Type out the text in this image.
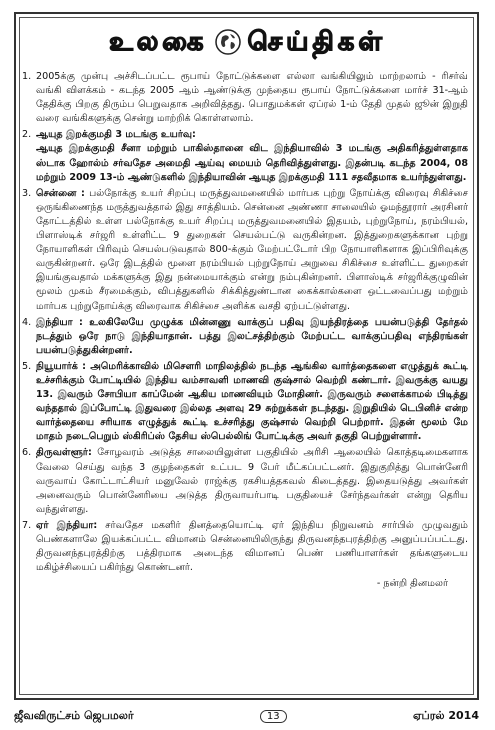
உலகை செய்திகள்
1. 2005க்கு முன்பு அச்சிடப்பட்ட ரூபாய் நோட்டுக்களை எல்லா வங்கியிலும் மாற்றலாம் - ரிசர்வ் வங்கி விளக்கம் - கடந்த 2005 ஆம் ஆண்டுக்கு முந்தைய ரூபாய் நோட்டுக்களை மார்ச் 31-ஆம் தேதிக்கு பிறகு திரும்ப பெறுவதாக அறிவித்தது. பொதுமக்கள் ஏப்ரல் 1-ம் தேதி முதல் ஜூன் இறுதி வரை வங்கிகளுக்கு சென்று மாற்றிக் கொள்ளலாம்.

2. ஆயுத இறக்குமதி 3 மடங்கு உயர்வு:

ஆயுத இறக்குமதி சீனா மற்றும் பாகிஸ்தானை விட இந்தியாவில் 3 மடங்கு அதிகரித்துள்ளதாக ஸ்டாக ஹோல்ம் சர்வதேச அமைதி ஆய்வு மையம் தெரிவித்துள்ளது. இதன்படி கடந்த 2004, 08 மற்றும் 2009 13-ம் ஆண்டுகளில் இந்தியாவின் ஆயுத இறக்குமதி 111 சதவீதமாக உயர்ந்துள்ளது.

3. சென்னை : பல்நோக்கு உயர் சிறப்பு மருத்துவமனையில் மார்பக புற்று நோய்க்கு விரைவு சிகிச்சை ஒருங்கிணைந்த மருத்துவத்தால் இது சாத்தியம். சென்னை அண்ணா சாலையில் ஓமந்தூரார் அரசினர் தோட்டத்தில் உள்ள பல்நோக்கு உயர் சிறப்பு மருத்துவமனையில் இதயம், புற்றுநோய், நரம்பியல், பிளாஸ்டிக் சர்ஜரி உள்ளிட்ட 9 துறைகள் செயல்பட்டு வருகின்றன. இத்துறைகளுக்கான புற்று நோயாளிகள் பிரிவும் செயல்படுவதால் 800-க்கும் மேற்பட்டோர் பிற நோயாளிகளாக இப்பிரிவுக்கு வருகின்றனர். ஒரே இடத்தில் மூளை நரம்பியல் புற்றுநோய் அறுவை சிகிச்சை உள்ளிட்ட துறைகள் இயங்குவதால் மக்களுக்கு இது நன்மையாக்கும் என்று நம்புகின்றனர். பிளாஸ்டிக் சர்ஜரிக்குழுவின் மூலம் முகம் சீரமைக்கும், விபத்துகளில் சிக்கித்துண்டான கைக்கால்களை ஒட்டவைப்பது மற்றும் மார்பக புற்றுநோய்க்கு விரைவாக சிகிச்சை அளிக்க வசதி ஏற்பட்டுள்ளது.

4. இந்தியா : உலகிலேயே முழுக்க மின்னணு வாக்குப் பதிவு இயந்திரத்தை பயன்படுத்தி தேர்தல் நடத்தும் ஒரே நாடு இந்தியாதான். பத்து இலட்சத்திற்கும் மேற்பட்ட வாக்குப்பதிவு எந்திரங்கள் பயன்படுத்துகின்றனர்.

5. நியூயார்க் : அமெரிக்காவில் மிசௌரி மாநிலத்தில் நடந்த ஆங்கில வார்த்தைகளை எழுத்துக் கூட்டி உச்சரிக்கும் போட்டியில் இந்திய வம்சாவளி மாணவி குஷ்சால் வெற்றி கண்டார். இவருக்கு வயது 13. இவரும் சோபியா காப்மேன் ஆகிய மாணவியும் மோதினர். இருவரும் சளைக்காமல் பிடித்து வந்ததால் இப்போட்டி இதுவரை இல்லத அளவு 29 சுற்றுக்கள் நடந்தது. இறுதியில் டெபினிச் என்ற வார்த்தையை சரியாக எழுத்துக் கூட்டி உச்சரித்து குஷ்சால் வெற்றி பெற்றார். இதன் மூலம் மே மாதம் நடைபெறும் ஸ்கிரிப்ஸ் தேசிய ஸ்பெல்லிங் போட்டிக்கு அவர் தகுதி பெற்றுள்ளார்.

6. திருவள்ளூர்: சோழவரம் அடுத்த சாலையிலுள்ள பகுதியில் அரிசி ஆலையில் கொத்தடிமைகளாக வேலை செய்து வந்த 3 குழந்தைகள் உட்பட 9 பேர் மீட்கப்பட்டனர். இதுகுறித்து பொன்னேரி வருவாய் கோட்டாட்சியர் மனுவேல் ராஜ்க்கு ரகசியத்தகவல் கிடைத்தது. இதையடுத்து அவர்கள் அனைவரும் பொன்னேரியை அடுத்த திருவாயர்பாடி பகுதியைச் சேர்ந்தவர்கள் என்று தெரிய வந்துள்ளது.

7. ஏர் இந்தியா: சர்வதேச மகளிர் தினத்தையொட்டி ஏர் இந்திய நிறுவனம் சார்பில் முழுவதும் பெண்களாலே இயக்கப்பட்ட விமானம் சென்னையிலிருந்து திருவனந்தபுரத்திற்கு அனுப்பப்பட்டது. திருவனந்தபுரத்திற்கு பத்திரமாக அடைந்த விமானப் பெண் பணியாளர்கள் தங்களுடைய மகிழ்ச்சியைப் பகிர்ந்து கொண்டனர்.

- நன்றி தினமலர்
ஜீவவிருட்சம் ஜெபமலர்	13	ஏப்ரல் 2014
